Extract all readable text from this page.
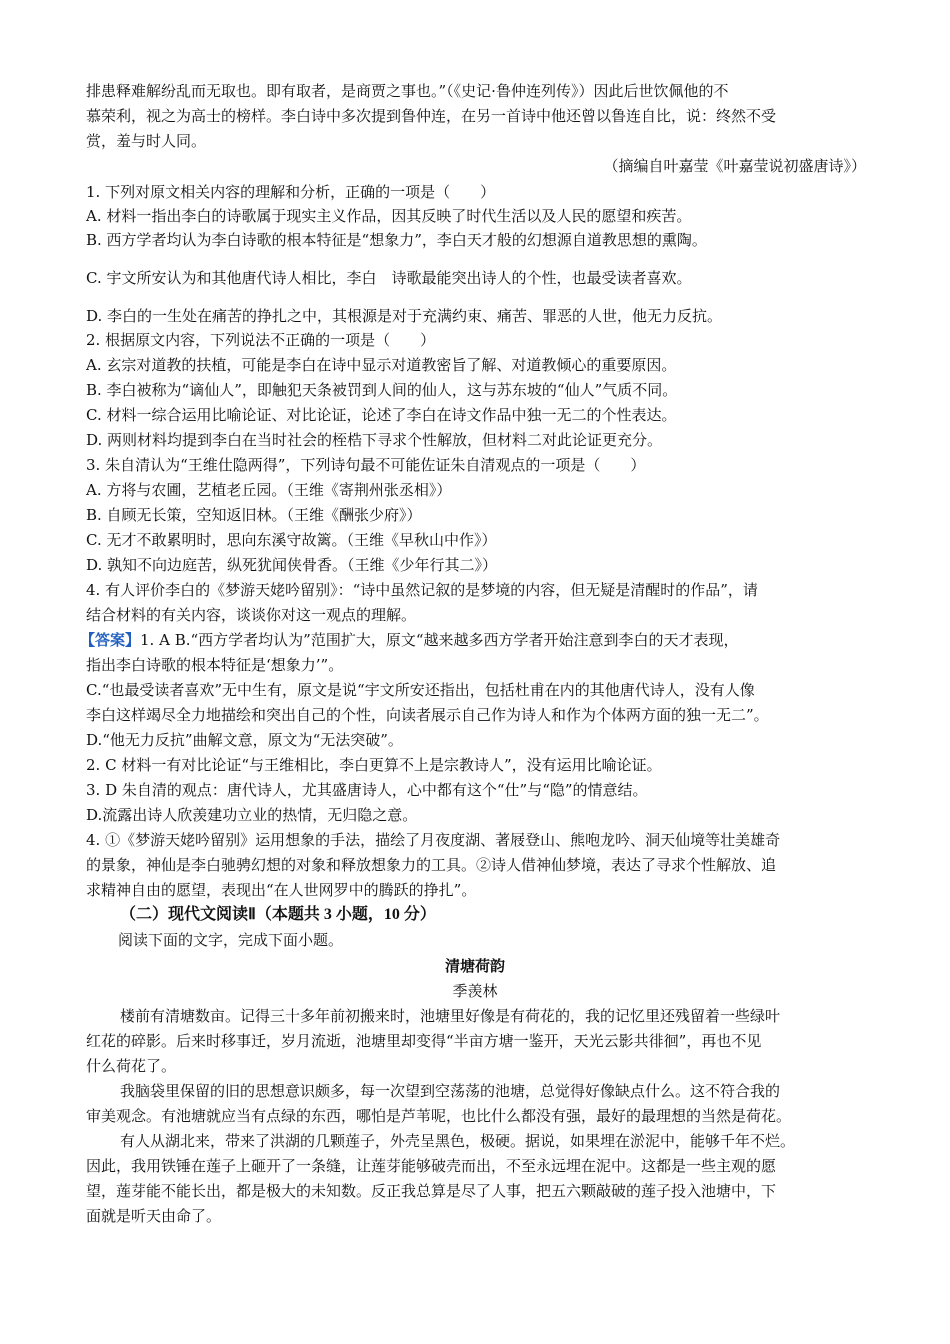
排患释难解纷乱而无取也。即有取者，是商贾之事也。”（《史记·鲁仲连列传》）因此后世饮佩他的不

慕荣利，视之为高士的榜样。李白诗中多次提到鲁仲连，在另一首诗中他还曾以鲁连自比，说：终然不受

赏，羞与时人同。

（摘编自叶嘉莹《叶嘉莹说初盛唐诗》）

1. 下列对原文相关内容的理解和分析，正确的一项是（　　）

A. 材料一指出李白的诗歌属于现实主义作品，因其反映了时代生活以及人民的愿望和疾苦。

B. 西方学者均认为李白诗歌的根本特征是“想象力”，李白天才般的幻想源自道教思想的熏陶。

C. 宇文所安认为和其他唐代诗人相比，李白　诗歌最能突出诗人的个性，也最受读者喜欢。

D. 李白的一生处在痛苦的挣扎之中，其根源是对于充满约束、痛苦、罪恶的人世，他无力反抗。

2. 根据原文内容，下列说法不正确的一项是（　　）

A. 玄宗对道教的扶植，可能是李白在诗中显示对道教密旨了解、对道教倾心的重要原因。

B. 李白被称为“谪仙人”，即触犯天条被罚到人间的仙人，这与苏东坡的“仙人”气质不同。

C. 材料一综合运用比喻论证、对比论证，论述了李白在诗文作品中独一无二的个性表达。

D. 两则材料均提到李白在当时社会的桎梏下寻求个性解放，但材料二对此论证更充分。

3. 朱自清认为“王维仕隐两得”，下列诗句最不可能佐证朱自清观点的一项是（　　）

A. 方将与农圃，艺植老丘园。（王维《寄荆州张丞相》）

B. 自顾无长策，空知返旧林。（王维《酬张少府》）

C. 无才不敢累明时，思向东溪守故篱。（王维《早秋山中作》）

D. 孰知不向边庭苦，纵死犹闻侠骨香。（王维《少年行其二》）

4. 有人评价李白的《梦游天姥吟留别》：“诗中虽然记叙的是梦境的内容，但无疑是清醒时的作品”，请

结合材料的有关内容，谈谈你对这一观点的理解。

【答案】1. A B.“西方学者均认为”范围扩大，原文“越来越多西方学者开始注意到李白的天才表现，

指出李白诗歌的根本特征是‘想象力’”。

C.“也最受读者喜欢”无中生有，原文是说“宇文所安还指出，包括杜甫在内的其他唐代诗人，没有人像

李白这样竭尽全力地描绘和突出自己的个性，向读者展示自己作为诗人和作为个体两方面的独一无二”。

D.“他无力反抗”曲解文意，原文为“无法突破”。

2. C 材料一有对比论证“与王维相比，李白更算不上是宗教诗人”，没有运用比喻论证。

3. D 朱自清的观点：唐代诗人，尤其盛唐诗人，心中都有这个“仕”与“隐”的情意结。

D.流露出诗人欣羡建功立业的热情，无归隐之意。

4. ①《梦游天姥吟留别》运用想象的手法，描绘了月夜度湖、著屐登山、熊咆龙吟、洞天仙境等壮美雄奇

的景象，神仙是李白驰骋幻想的对象和释放想象力的工具。②诗人借神仙梦境，表达了寻求个性解放、追

求精神自由的愿望，表现出“在人世网罗中的腾跃的挣扎”。

（二）现代文阅读Ⅱ（本题共 3 小题，10 分）

阅读下面的文字，完成下面小题。

清塘荷韵

季羡林

楼前有清塘数亩。记得三十多年前初搬来时，池塘里好像是有荷花的，我的记忆里还残留着一些绿叶

红花的碎影。后来时移事迁，岁月流逝，池塘里却变得“半亩方塘一鉴开，天光云影共徘徊”，再也不见

什么荷花了。

我脑袋里保留的旧的思想意识颇多，每一次望到空荡荡的池塘，总觉得好像缺点什么。这不符合我的

审美观念。有池塘就应当有点绿的东西，哪怕是芦苇呢，也比什么都没有强，最好的最理想的当然是荷花。

有人从湖北来，带来了洪湖的几颗莲子，外壳呈黑色，极硬。据说，如果埋在淤泥中，能够千年不烂。

因此，我用铁锤在莲子上砸开了一条缝，让莲芽能够破壳而出，不至永远埋在泥中。这都是一些主观的愿

望，莲芽能不能长出，都是极大的未知数。反正我总算是尽了人事，把五六颗敲破的莲子投入池塘中，下

面就是听天由命了。
